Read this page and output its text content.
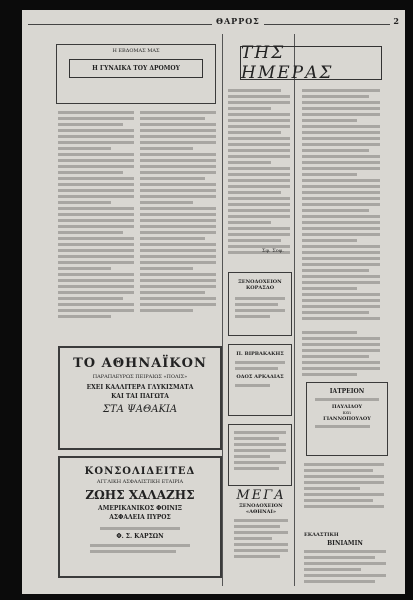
ΘΑΡΡΟΣ	2
Η ΕΒΔΟΜΑΣ ΜΑΣ
Η ΓΥΝΑΙΚΑ ΤΟΥ ΔΡΟΜΟΥ
ΤΗΣ ΗΜΕΡΑΣ
Σφ. Σοφ.
ΞΕΝΟΔΟΧΕΙΟΝ ΚΟΡΑΣΔΟ
Π. ΒΙΡΒΑΚΑΚΗΣ
ΟΔΟΣ ΑΡΚΑΔΙΑΣ
ΜΕΓΑ
ΞΕΝΟΔΟΧΕΙΟΝ «ΑΘΗΝΑΙ»
ΙΑΤΡΕΙΟΝ
ΠΑΥΛΙΔΟΥ
και
ΓΙΑΝΝΟΠΟΥΛΟΥ
ΕΚΛΑΣΤΙΚΗ
ΒΙΝΙΑΜΙΝ
ΤΟ ΑΘΗΝΑΪΚΟΝ
ΠΑΡΑΠΛΕΥΡΩΣ ΠΕΙΡΑΙΩΣ «ΠΟΛΙΣ»
ΕΧΕΙ ΚΑΛΛΙΤΕΡΑ ΓΛΥΚΙΣΜΑΤΑ
ΚΑΙ ΤΑΙ ΠΑΓΩΤΑ
ΣΤΑ ΨΑΘΑΚΙΑ
ΚΟΝΣΟΛΙΔΕΙΤΕΔ
ΑΓΓΛΙΚΗ ΑΣΦΑΛΙΣΤΙΚΗ ΕΤΑΙΡΙΑ
ΖΩΗΣ ΧΑΛΑΖΗΣ
ΑΜΕΡΙΚΑΝΙΚΟΣ ΦΟΙΝΙΞ
ΑΣΦΑΛΕΙΑ ΠΥΡΟΣ
Φ. Σ. ΚΑΡΣΩΝ
